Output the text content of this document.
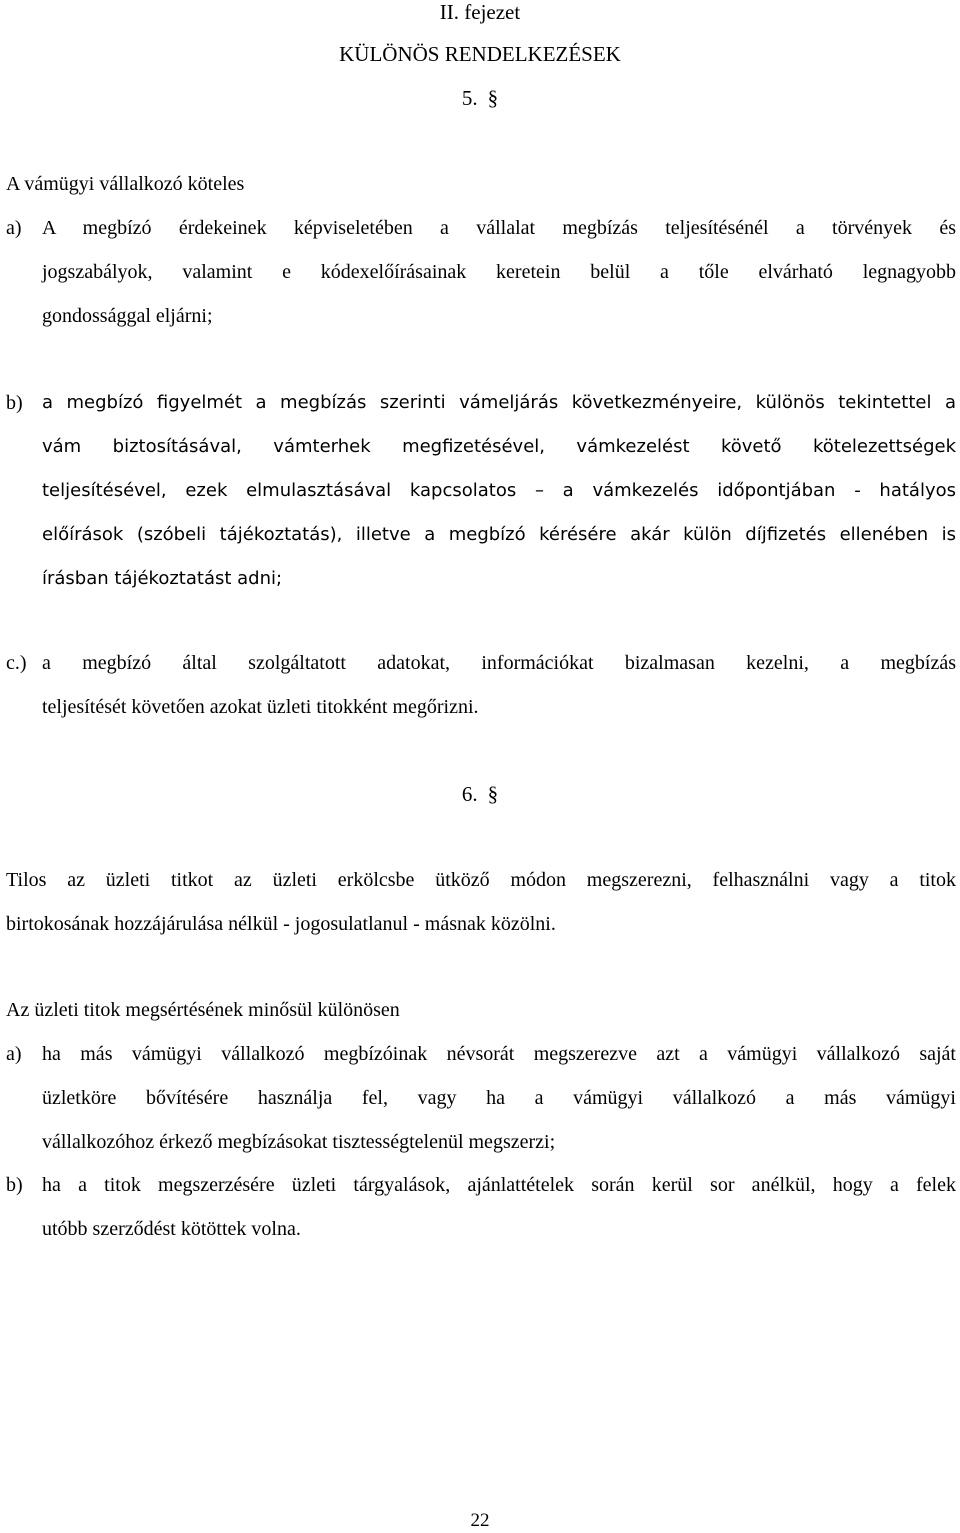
II. fejezet
KÜLÖNÖS RENDELKEZÉSEK
5. §
A vámügyi vállalkozó köteles
a) A megbízó érdekeinek képviseletében a vállalat megbízás teljesítésénél a törvények és
jogszabályok, valamint e kódexelőírásainak keretein belül a tőle elvárható legnagyobb
gondossággal eljárni;
b) a megbízó figyelmét a megbízás szerinti vámeljárás következményeire, különös tekintettel a
vám biztosításával, vámterhek megfizetésével, vámkezelést követő kötelezettségek
teljesítésével, ezek elmulasztásával kapcsolatos – a vámkezelés időpontjában - hatályos
előírások (szóbeli tájékoztatás), illetve a megbízó kérésére akár külön díjfizetés ellenében is
írásban tájékoztatást adni;
c.) a megbízó által szolgáltatott adatokat, információkat bizalmasan kezelni, a megbízás
teljesítését követően azokat üzleti titokként megőrizni.
6. §
Tilos az üzleti titkot az üzleti erkölcsbe ütköző módon megszerezni, felhasználni vagy a titok
birtokosának hozzájárulása nélkül - jogosulatlanul - másnak közölni.
Az üzleti titok megsértésének minősül különösen
a) ha más vámügyi vállalkozó megbízóinak névsorát megszerezve azt a vámügyi vállalkozó saját
üzletköre bővítésére használja fel, vagy ha a vámügyi vállalkozó a más vámügyi
vállalkozóhoz érkező megbízásokat tisztességtelenül megszerzi;
b) ha a titok megszerzésére üzleti tárgyalások, ajánlattételek során kerül sor anélkül, hogy a felek
utóbb szerződést kötöttek volna.
22
